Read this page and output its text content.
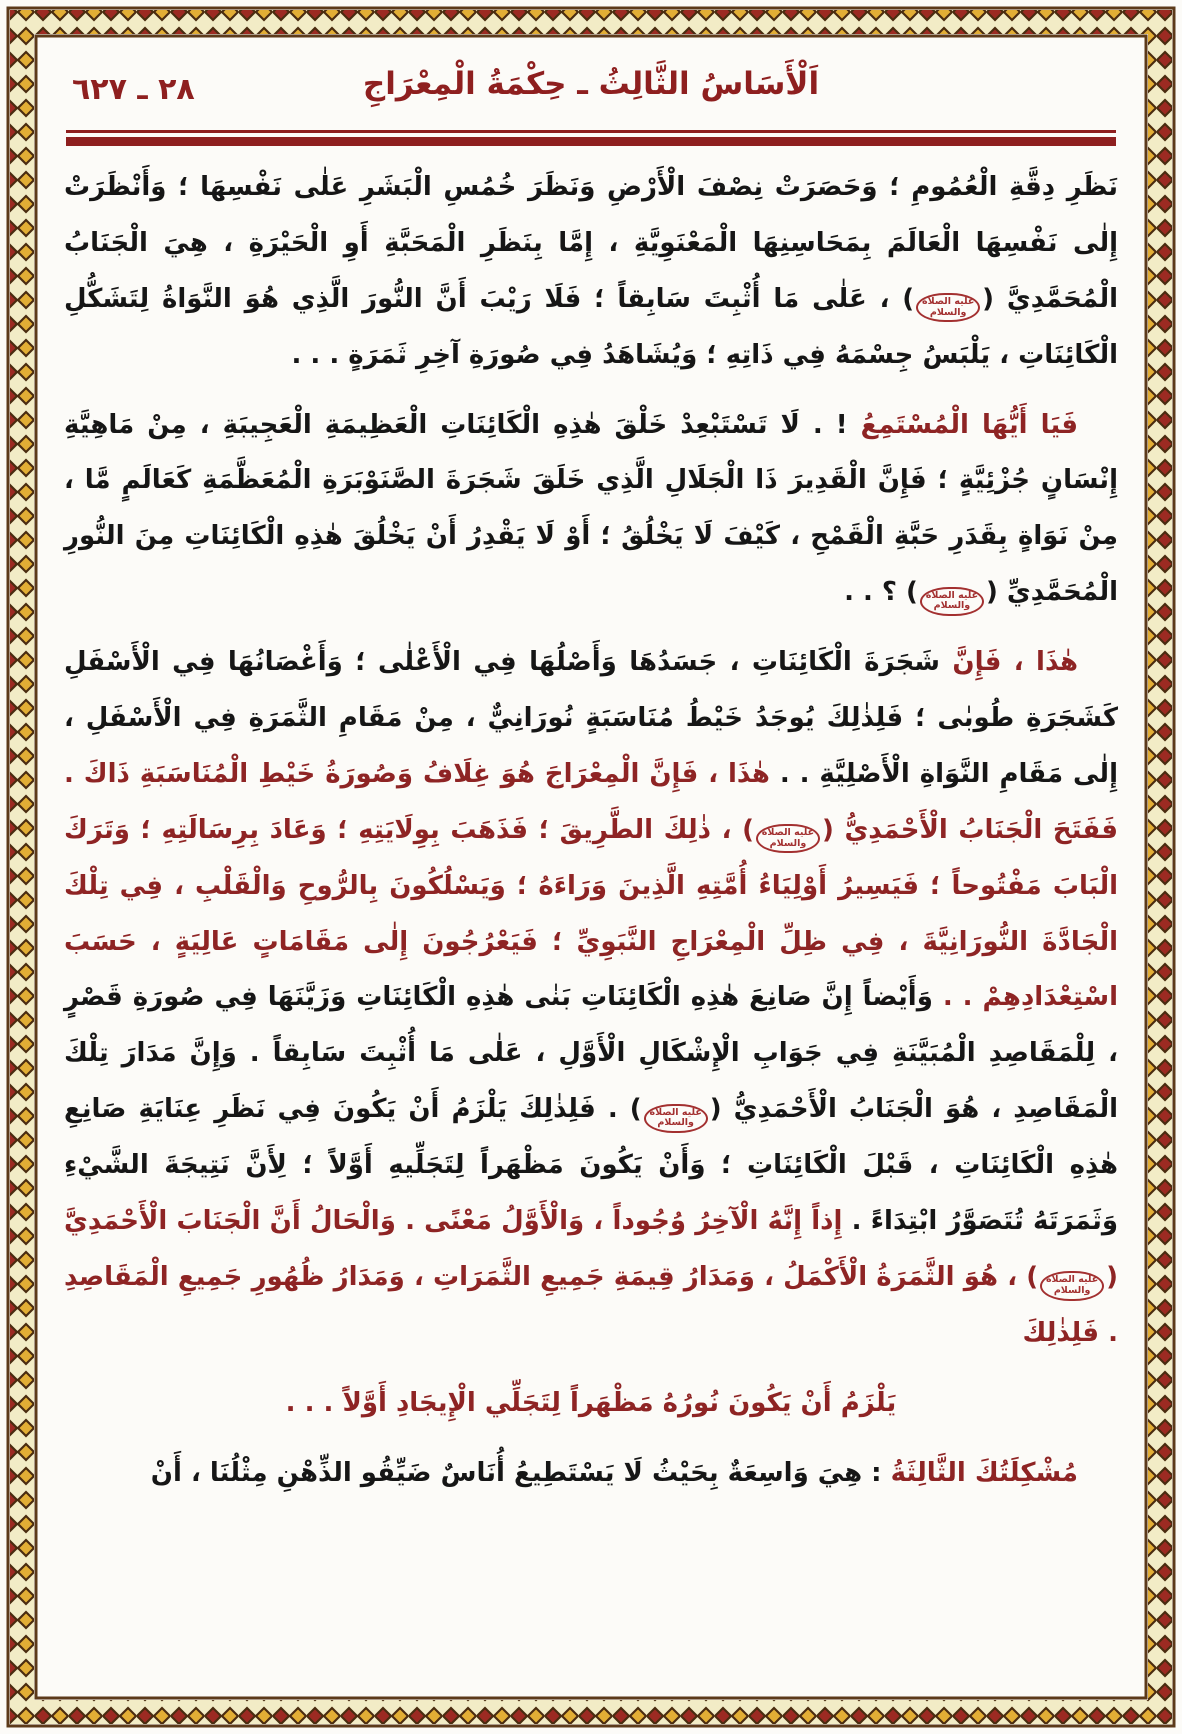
٢٨ ـ ٦٢٧	اَلْأَسَاسُ الثَّالِثُ ـ حِكْمَةُ الْمِعْرَاجِ

نَظَرِ دِقَّةِ الْعُمُومِ ؛ وَحَصَرَتْ نِصْفَ الْأَرْضِ وَنَظَرَ خُمُسِ الْبَشَرِ عَلٰى نَفْسِهَا ؛ وَأَنْظَرَتْ إِلٰى نَفْسِهَا الْعَالَمَ بِمَحَاسِنِهَا الْمَعْنَوِيَّةِ ، إِمَّا بِنَظَرِ الْمَحَبَّةِ أَوِ الْحَيْرَةِ ، هِيَ الْجَنَابُ الْمُحَمَّدِيَّ (عليه الصلاة والسلام) ، عَلٰى مَا أُثْبِتَ سَابِقاً ؛ فَلَا رَيْبَ أَنَّ النُّورَ الَّذِي هُوَ النَّوَاةُ لِتَشَكُّلِ الْكَائِنَاتِ ، يَلْبَسُ جِسْمَهُ فِي ذَاتِهِ ؛ وَيُشَاهَدُ فِي صُورَةِ آخِرِ ثَمَرَةٍ . . .

فَيَا أَيُّهَا الْمُسْتَمِعُ ! . لَا تَسْتَبْعِدْ خَلْقَ هٰذِهِ الْكَائِنَاتِ الْعَظِيمَةِ الْعَجِيبَةِ ، مِنْ مَاهِيَّةِ إِنْسَانٍ جُزْئِيَّةٍ ؛ فَإِنَّ الْقَدِيرَ ذَا الْجَلَالِ الَّذِي خَلَقَ شَجَرَةَ الصَّنَوْبَرَةِ الْمُعَظَّمَةِ كَعَالَمٍ مَّا ، مِنْ نَوَاةٍ بِقَدَرِ حَبَّةِ الْقَمْحِ ، كَيْفَ لَا يَخْلُقُ ؛ أَوْ لَا يَقْدِرُ أَنْ يَخْلُقَ هٰذِهِ الْكَائِنَاتِ مِنَ النُّورِ الْمُحَمَّدِيِّ (عليه الصلاة والسلام) ؟ . .

هٰذَا ، فَإِنَّ شَجَرَةَ الْكَائِنَاتِ ، جَسَدُهَا وَأَصْلُهَا فِي الْأَعْلٰى ؛ وَأَغْصَانُهَا فِي الْأَسْفَلِ كَشَجَرَةِ طُوبٰى ؛ فَلِذٰلِكَ يُوجَدُ خَيْطُ مُنَاسَبَةٍ نُورَانِيٌّ ، مِنْ مَقَامِ الثَّمَرَةِ فِي الْأَسْفَلِ ، إِلٰى مَقَامِ النَّوَاةِ الْأَصْلِيَّةِ . . هٰذَا ، فَإِنَّ الْمِعْرَاجَ هُوَ غِلَافُ وَصُورَةُ خَيْطِ الْمُنَاسَبَةِ ذَاكَ . فَفَتَحَ الْجَنَابُ الْأَحْمَدِيُّ (عليه الصلاة والسلام) ، ذٰلِكَ الطَّرِيقَ ؛ فَذَهَبَ بِوِلَايَتِهِ ؛ وَعَادَ بِرِسَالَتِهِ ؛ وَتَرَكَ الْبَابَ مَفْتُوحاً ؛ فَيَسِيرُ أَوْلِيَاءُ أُمَّتِهِ الَّذِينَ وَرَاءَهُ ؛ وَيَسْلُكُونَ بِالرُّوحِ وَالْقَلْبِ ، فِي تِلْكَ الْجَادَّةَ النُّورَانِيَّةَ ، فِي ظِلِّ الْمِعْرَاجِ النَّبَوِيِّ ؛ فَيَعْرُجُونَ إِلٰى مَقَامَاتٍ عَالِيَةٍ ، حَسَبَ اسْتِعْدَادِهِمْ . . وَأَيْضاً إِنَّ صَانِعَ هٰذِهِ الْكَائِنَاتِ بَنٰى هٰذِهِ الْكَائِنَاتِ وَزَيَّنَهَا فِي صُورَةِ قَصْرٍ ، لِلْمَقَاصِدِ الْمُبَيَّنَةِ فِي جَوَابِ الْإِشْكَالِ الْأَوَّلِ ، عَلٰى مَا أُثْبِتَ سَابِقاً . وَإِنَّ مَدَارَ تِلْكَ الْمَقَاصِدِ ، هُوَ الْجَنَابُ الْأَحْمَدِيُّ (عليه الصلاة والسلام) . فَلِذٰلِكَ يَلْزَمُ أَنْ يَكُونَ فِي نَظَرِ عِنَايَةِ صَانِعِ هٰذِهِ الْكَائِنَاتِ ، قَبْلَ الْكَائِنَاتِ ؛ وَأَنْ يَكُونَ مَظْهَراً لِتَجَلِّيهِ أَوَّلاً ؛ لِأَنَّ نَتِيجَةَ الشَّيْءِ وَثَمَرَتَهُ تُتَصَوَّرُ ابْتِدَاءً . إِذاً إِنَّهُ الْآخِرُ وُجُوداً ، وَالْأَوَّلُ مَعْنًى . وَالْحَالُ أَنَّ الْجَنَابَ الْأَحْمَدِيَّ (عليه الصلاة والسلام) ، هُوَ الثَّمَرَةُ الْأَكْمَلُ ، وَمَدَارُ قِيمَةِ جَمِيعِ الثَّمَرَاتِ ، وَمَدَارُ ظُهُورِ جَمِيعِ الْمَقَاصِدِ . فَلِذٰلِكَ

يَلْزَمُ أَنْ يَكُونَ نُورُهُ مَظْهَراً لِتَجَلِّي الْإِيجَادِ أَوَّلاً . . .

مُشْكِلَتُكَ الثَّالِثَةُ : هِيَ وَاسِعَةٌ بِحَيْثُ لَا يَسْتَطِيعُ أُنَاسٌ ضَيِّقُو الذِّهْنِ مِثْلُنَا ، أَنْ
